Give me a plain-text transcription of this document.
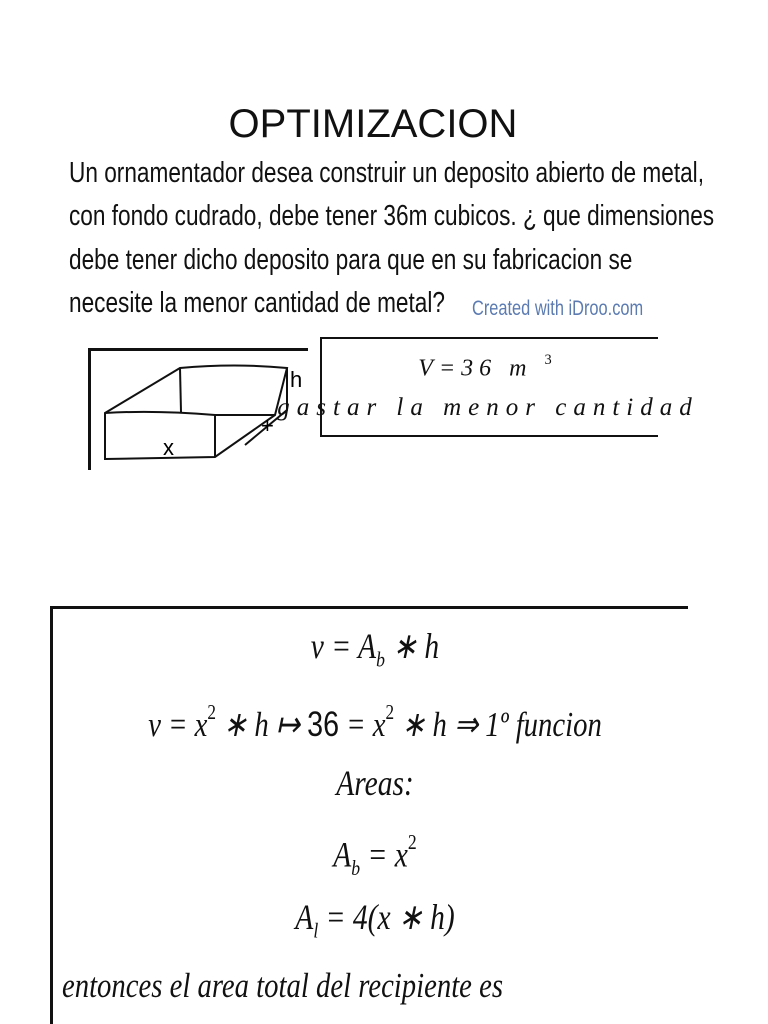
OPTIMIZACION
Un ornamentador desea construir un deposito abierto de metal,
con fondo cudrado, debe tener 36m cubicos. ¿ que dimensiones
debe tener dicho deposito para que en su fabricacion se
necesite la menor cantidad de metal? Created with iDroo.com
h
x
+
V=36 m $^3$
gastar la menor cantidad
$v = A_b$ ∗ h
$v = x^2$ ∗ h ↦ $36 = x^2$ ∗ h ⇒ 1º funcion
Areas:
$A_b = x^2$
$A_l = 4(x$ ∗ h)
entonces el area total del recipiente es
